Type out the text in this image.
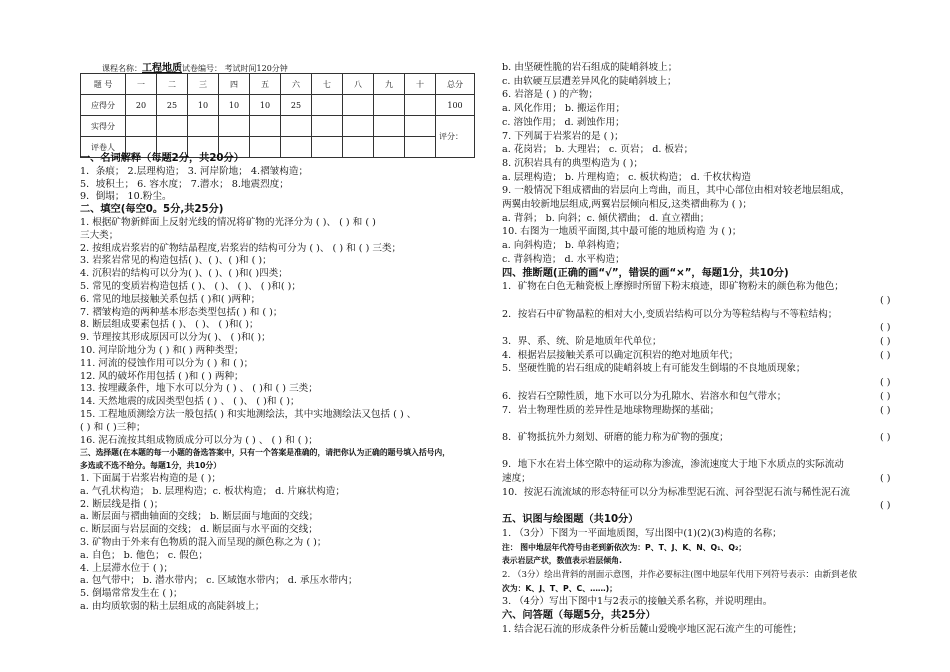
课程名称：工程地质试卷编号： 考试时间120分钟
题 号	一	二	三	四	五	六	七	八	九	十	总分
应得分	20	25	10	10	10	25					100
实得分											评分：
评卷人											
一、名词解释（每题2分，共20分）
1．条痕； 2.层理构造； 3. 河岸阶地； 4.褶皱构造；
5．坡积土； 6. 容水度； 7.潜水； 8.地震烈度；
9．倒塌； 10.粉尘。
二、填空(每空0。5分,共25分)
1. 根据矿物新鲜面上反射光线的情况将矿物的光泽分为 ( )、 ( ) 和 ( )
三大类；
2. 按组成岩浆岩的矿物结晶程度,岩浆岩的结构可分为 ( )、 ( ) 和 ( ) 三类；
3. 岩浆岩常见的构造包括( )、( )、( )和 ( )；
4. 沉积岩的结构可以分为( )、( )、( )和( )四类；
5. 常见的变质岩构造包括 ( )、 ( )、 ( )、 ( )和( )；
6. 常见的地层接触关系包括 ( )和( )两种；
7. 褶皱构造的两种基本形态类型包括( ) 和 ( )；
8. 断层组成要素包括 ( )、 ( )、 ( )和( )；
9. 节理按其形成原因可以分为( )、 ( )和( )；
10. 河岸阶地分为 ( ) 和( ) 两种类型；
11. 河流的侵蚀作用可以分为 ( ) 和 ( )；
12. 风的破坏作用包括 ( )和 ( ) 两种；
13. 按埋藏条件，地下水可以分为 ( ) 、 ( )和 ( ) 三类；
14. 天然地震的成因类型包括 ( ) 、 ( )、 ( )和 ( )；
15. 工程地质测绘方法一般包括( ) 和实地测绘法，其中实地测绘法又包括 ( ) 、
( ) 和 ( )三种；
16. 泥石流按其组成物质成分可以分为 ( ) 、 ( ) 和 ( )；
三、选择题(在本题的每一小题的备选答案中，只有一个答案是准确的，请把你认为正确的题号填入括号内，
多选或不选不给分。每题1分，共10分）
1. 下面属于岩浆岩构造的是 ( )；
a. 气孔状构造； b. 层理构造；c. 板状构造； d. 片麻状构造；
2. 断层线是指 ( )；
a. 断层面与褶曲轴面的交线； b. 断层面与地面的交线；
c. 断层面与岩层面的交线； d. 断层面与水平面的交线；
3. 矿物由于外来有色物质的混入而呈现的颜色称之为 ( )；
a. 自色； b. 他色； c. 假色；
4. 上层滞水位于 ( )；
a. 包气带中； b. 潜水带内； c. 区域饱水带内； d. 承压水带内；
5. 倒塌常常发生在 ( )；
a. 由均质软弱的粘土层组成的高陡斜坡上；
b. 由坚硬性脆的岩石组成的陡峭斜坡上；
c. 由软硬互层遭差异风化的陡峭斜坡上；
6. 岩溶是 ( ) 的产物；
a. 风化作用； b. 搬运作用；
c. 溶蚀作用； d. 剥蚀作用；
7. 下列属于岩浆岩的是 ( )；
a. 花岗岩； b. 大理岩； c. 页岩； d. 板岩；
8. 沉积岩具有的典型构造为 ( )；
a. 层理构造； b. 片理构造； c. 板状构造； d. 千枚状构造
9. 一般情况下组成褶曲的岩层向上弯曲，而且，其中心部位由相对较老地层组成，
两翼由较新地层组成,两翼岩层倾向相反,这类褶曲称为 ( )；
a. 背斜； b. 向斜；c. 倾伏褶曲； d. 直立褶曲；
10. 右图为一地质平面图,其中最可能的地质构造 为 ( )；
a. 向斜构造； b. 单斜构造；
c. 背斜构造； d. 水平构造；
四、推断题(正确的画“√”，错误的画“×”，每题1分，共10分)
1．矿物在白色无釉瓷板上摩擦时所留下粉末痕迹，即矿物粉末的颜色称为他色；
2．按岩石中矿物晶粒的相对大小,变质岩结构可以分为等粒结构与不等粒结构；
3．界、系、统、阶是地质年代单位；
4．根据岩层接触关系可以确定沉积岩的绝对地质年代；
5．坚硬性脆的岩石组成的陡峭斜坡上有可能发生倒塌的不良地质现象；
6．按岩石空隙性质，地下水可以分为孔隙水、岩溶水和包气带水；
7．岩土物理性质的差异性是地球物理勘探的基础；
8．矿物抵抗外力刻划、研磨的能力称为矿物的强度；
9．地下水在岩土体空隙中的运动称为渗流，渗流速度大于地下水质点的实际流动
速度；
10．按泥石流流域的形态特征可以分为标准型泥石流、河谷型泥石流与稀性泥石流
五、识图与绘图题（共10分）
1. （3分）下图为一平面地质图，写出图中(1)(2)(3)构造的名称；
注： 图中地层年代符号由老到新依次为：P、T、J、K、N、Q₁、Q₂；
表示岩层产状，数值表示岩层倾角.
2. （3分）绘出背斜的剖面示意图，并作必要标注(图中地层年代用下列符号表示：由新到老依
次为：K、J、T、P、C、……)；
3. （4分）写出下图中1与2表示的接触关系名称，并说明理由。
六、问答题（每题5分，共25分）
1. 结合泥石流的形成条件分析岳麓山爱晚亭地区泥石流产生的可能性；
( )
( )
( )
( )
( )
( )
( )
( )
( )
( )
